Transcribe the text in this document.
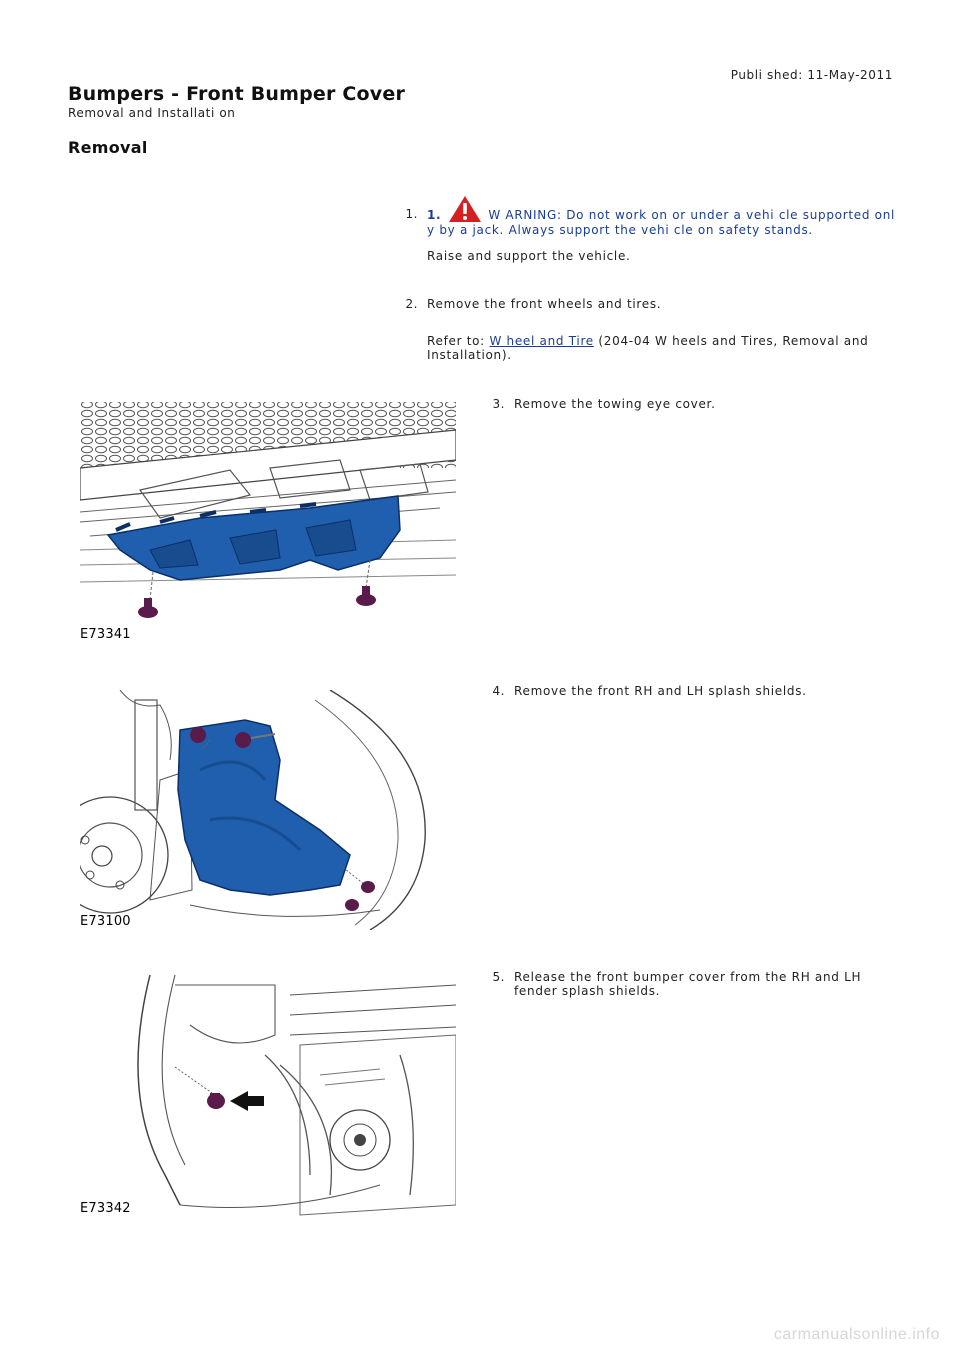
Publi shed: 11-May-2011
Bumpers - Front Bumper Cover
Removal and Installati on
Removal
1. 1.	W ARNING: Do not work on or under a vehi cle supported onl y by a jack. Always support the vehi cle on safety stands.
Raise and support the vehicle.
2. Remove the front wheels and tires.
Refer to: W heel and Tire (204-04 W heels and Tires, Removal and Installation).
3. Remove the towing eye cover.
E73341
4. Remove the front RH and LH splash shields.
E73100
5. Release the front bumper cover from the RH and LH fender splash shields.
E73342
carmanualsonline.info
